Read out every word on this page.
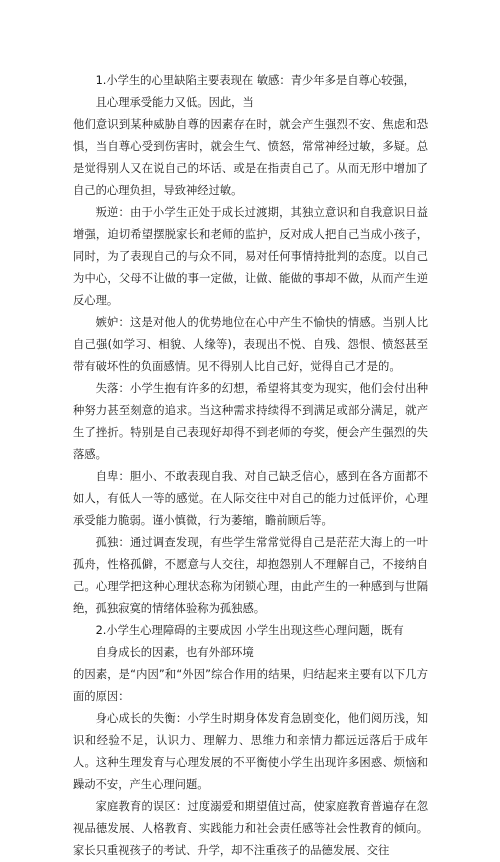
1.小学生的心里缺陷主要表现在 敏感：青少年多是自尊心较强，

且心理承受能力又低。因此，当

他们意识到某种威胁自尊的因素存在时，就会产生强烈不安、焦虑和恐惧，当自尊心受到伤害时，就会生气、愤怒，常常神经过敏，多疑。总是觉得别人又在说自己的坏话、或是在指责自己了。从而无形中增加了自己的心理负担，导致神经过敏。

叛逆：由于小学生正处于成长过渡期，其独立意识和自我意识日益增强，迫切希望摆脱家长和老师的监护，反对成人把自己当成小孩子，同时，为了表现自己的与众不同，易对任何事情持批判的态度。以自己为中心，父母不让做的事一定做，让做、能做的事却不做，从而产生逆反心理。

嫉妒：这是对他人的优势地位在心中产生不愉快的情感。当别人比自己强(如学习、相貌、人缘等)，表现出不悦、自残、怨恨、愤怒甚至带有破坏性的负面感情。见不得别人比自己好，觉得自己才是的。

失落：小学生抱有许多的幻想，希望将其变为现实，他们会付出种种努力甚至刻意的追求。当这种需求持续得不到满足或部分满足，就产生了挫折。特别是自己表现好却得不到老师的夸奖，便会产生强烈的失落感。

自卑：胆小、不敢表现自我、对自己缺乏信心，感到在各方面都不如人，有低人一等的感觉。在人际交往中对自己的能力过低评价，心理承受能力脆弱。谨小慎微，行为萎缩，瞻前顾后等。

孤独：通过调查发现，有些学生常常觉得自己是茫茫大海上的一叶孤舟，性格孤僻，不愿意与人交往，却抱怨别人不理解自己，不接纳自己。心理学把这种心理状态称为闭锁心理，由此产生的一种感到与世隔绝，孤独寂寞的情绪体验称为孤独感。

2.小学生心理障碍的主要成因 小学生出现这些心理问题，既有

自身成长的因素，也有外部环境

的因素，是“内因”和“外因”综合作用的结果，归结起来主要有以下几方面的原因：

身心成长的失衡：小学生时期身体发育急剧变化，他们阅历浅，知识和经验不足，认识力、理解力、思维力和亲情力都远远落后于成年人。这种生理发育与心理发展的不平衡使小学生出现许多困惑、烦恼和躁动不安，产生心理问题。

家庭教育的误区：过度溺爱和期望值过高，使家庭教育普遍存在忽视品德发展、人格教育、实践能力和社会责任感等社会性教育的倾向。家长只重视孩子的考试、升学，却不注重孩子的品德发展、交往
